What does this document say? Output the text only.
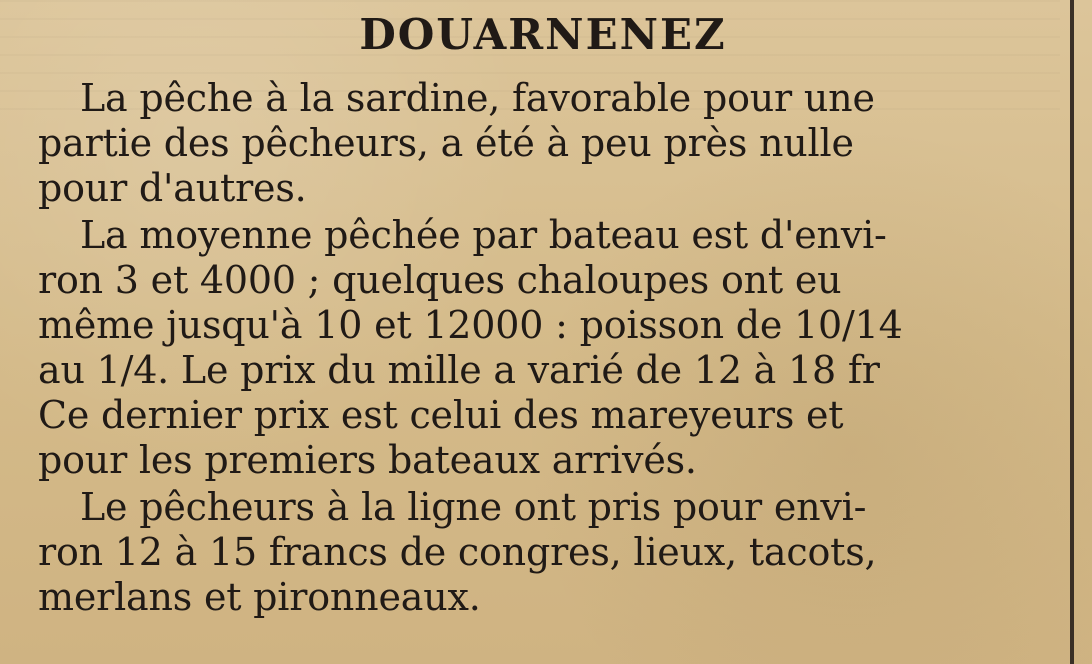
DOUARNENEZ

La pêche à la sardine, favorable pour une
partie des pêcheurs, a été à peu près nulle
pour d'autres.

La moyenne pêchée par bateau est d'envi-
ron 3 et 4000 ; quelques chaloupes ont eu
même jusqu'à 10 et 12000 : poisson de 10/14
au 1/4. Le prix du mille a varié de 12 à 18 fr
Ce dernier prix est celui des mareyeurs et
pour les premiers bateaux arrivés.

Le pêcheurs à la ligne ont pris pour envi-
ron 12 à 15 francs de congres, lieux, tacots,
merlans et pironneaux.
